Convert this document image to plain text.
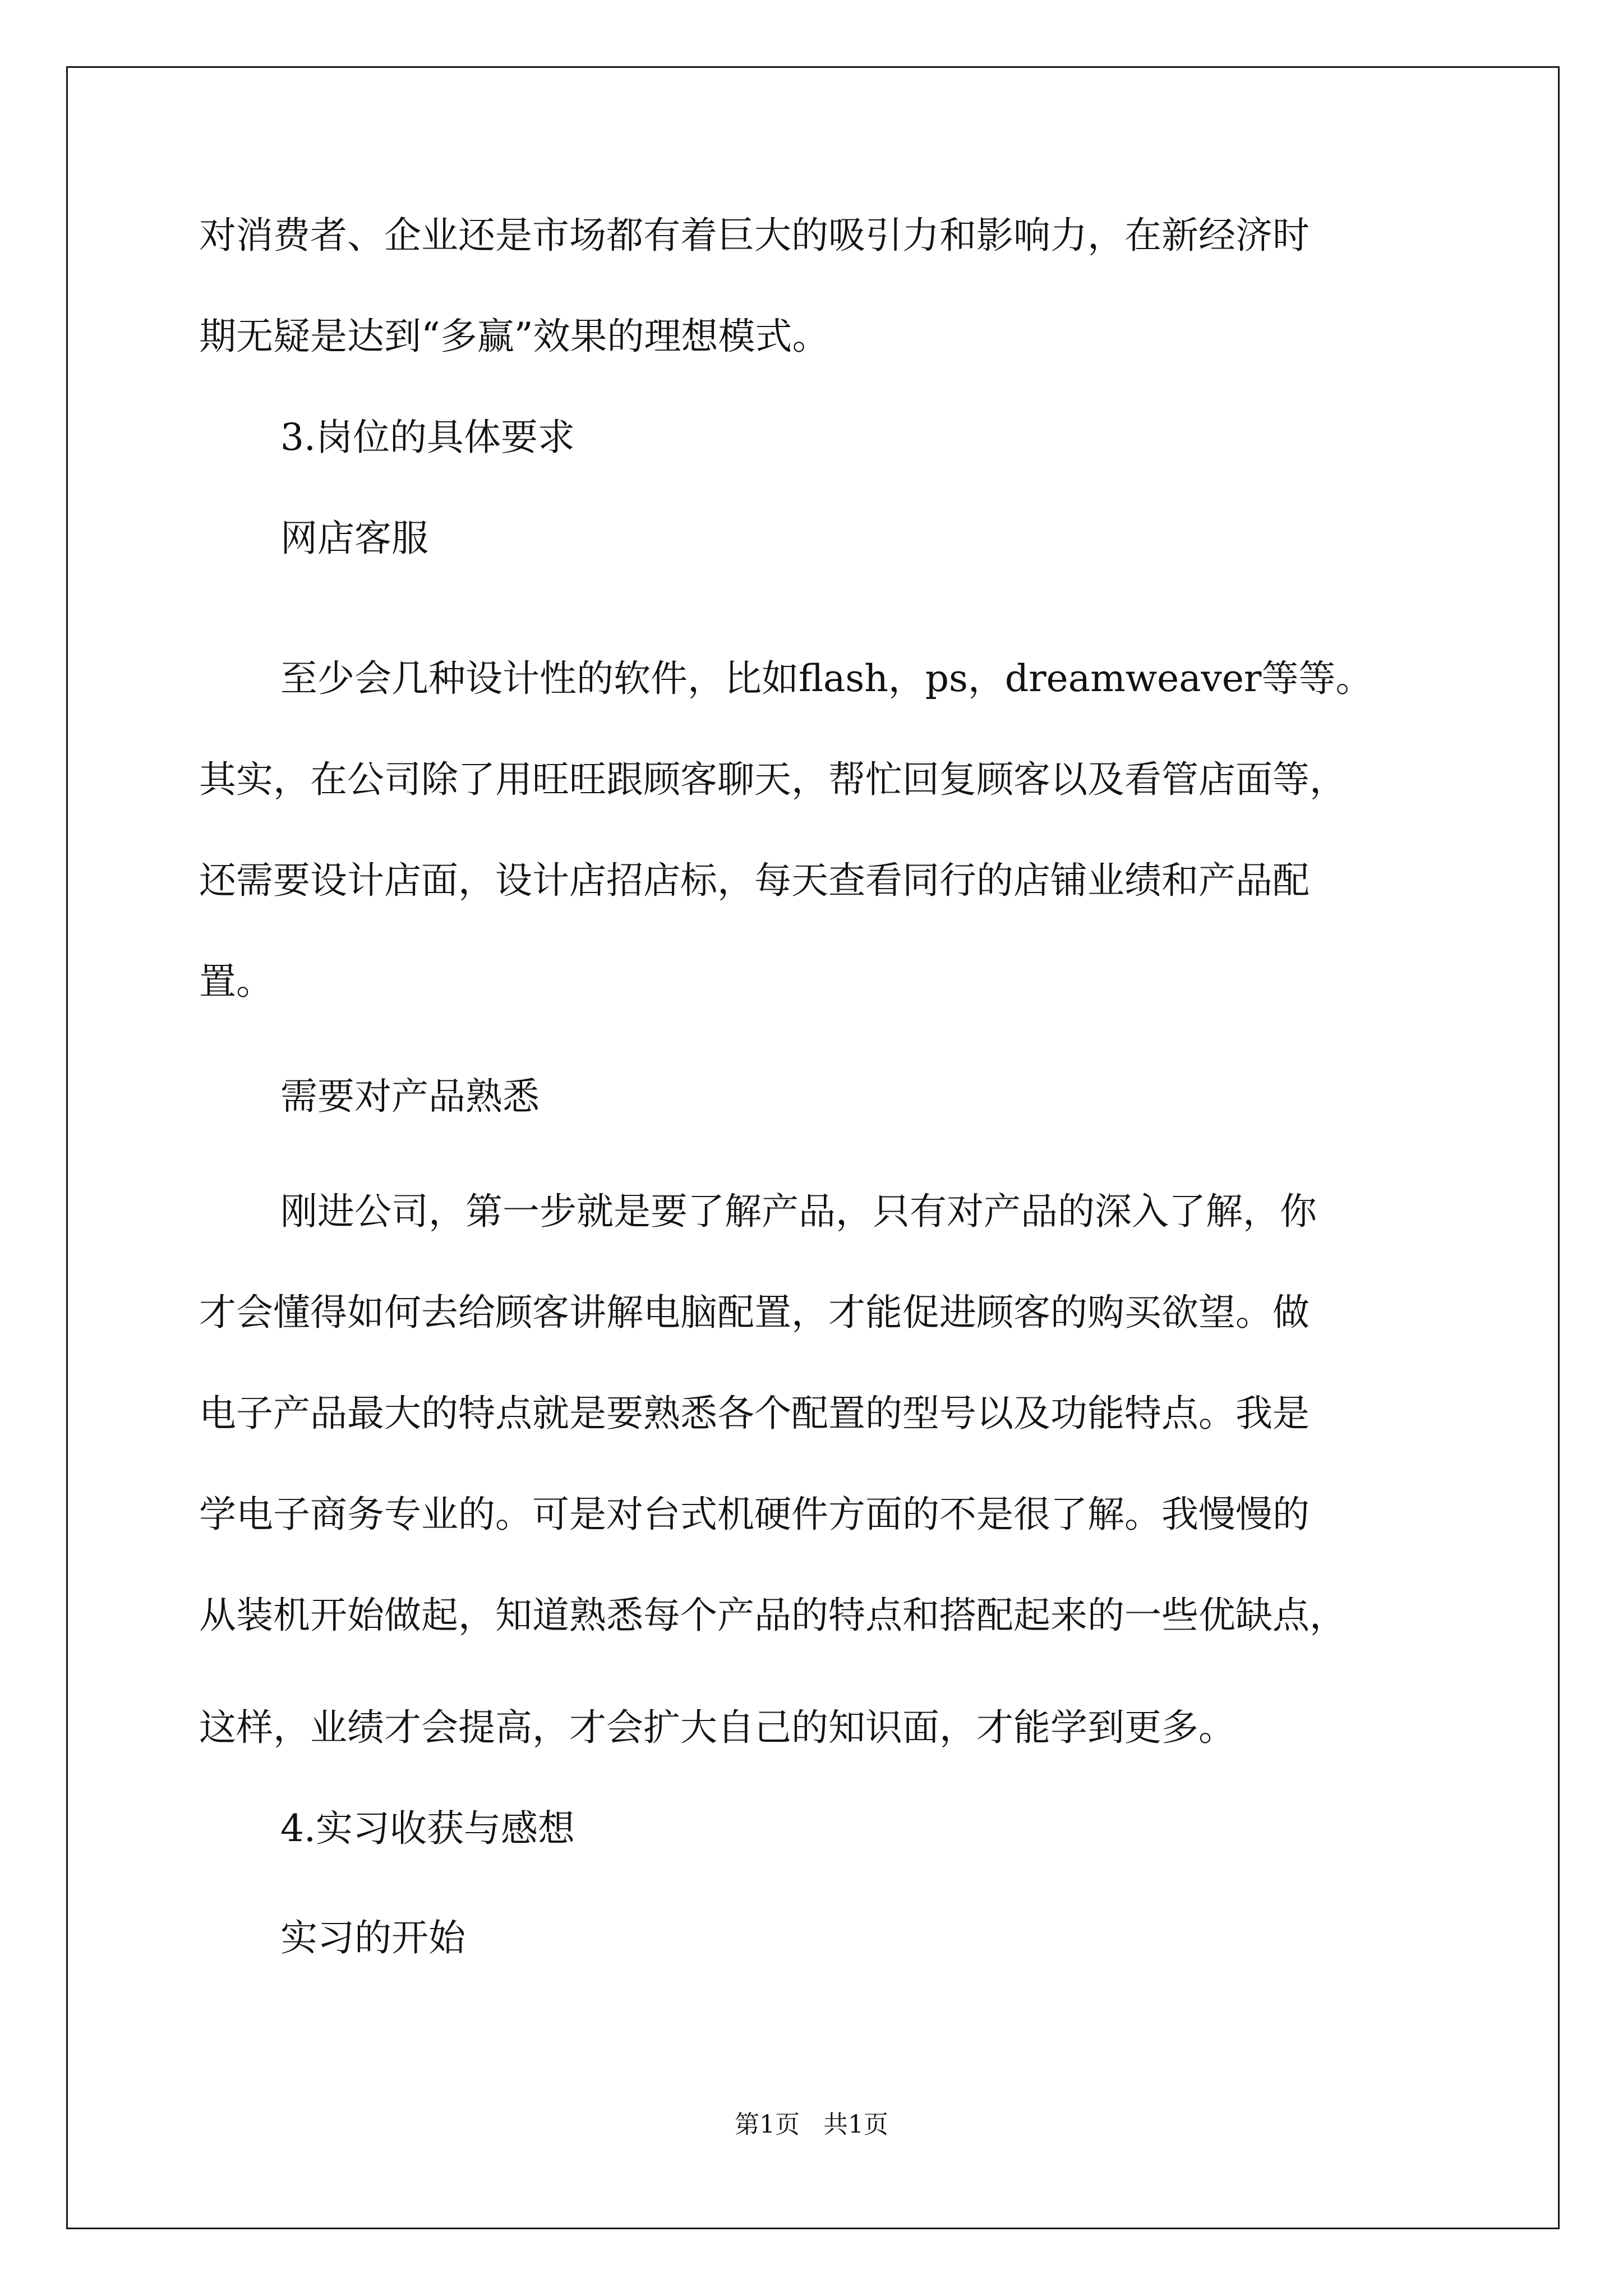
对消费者、企业还是市场都有着巨大的吸引力和影响力，在新经济时
期无疑是达到“多赢”效果的理想模式。
3.岗位的具体要求
网店客服
至少会几种设计性的软件，比如flash，ps，dreamweaver等等。
其实，在公司除了用旺旺跟顾客聊天，帮忙回复顾客以及看管店面等，
还需要设计店面，设计店招店标，每天查看同行的店铺业绩和产品配
置。
需要对产品熟悉
刚进公司，第一步就是要了解产品，只有对产品的深入了解，你
才会懂得如何去给顾客讲解电脑配置，才能促进顾客的购买欲望。做
电子产品最大的特点就是要熟悉各个配置的型号以及功能特点。我是
学电子商务专业的。可是对台式机硬件方面的不是很了解。我慢慢的
从装机开始做起，知道熟悉每个产品的特点和搭配起来的一些优缺点，
这样，业绩才会提高，才会扩大自己的知识面，才能学到更多。
4.实习收获与感想
实习的开始
第1页   共1页
